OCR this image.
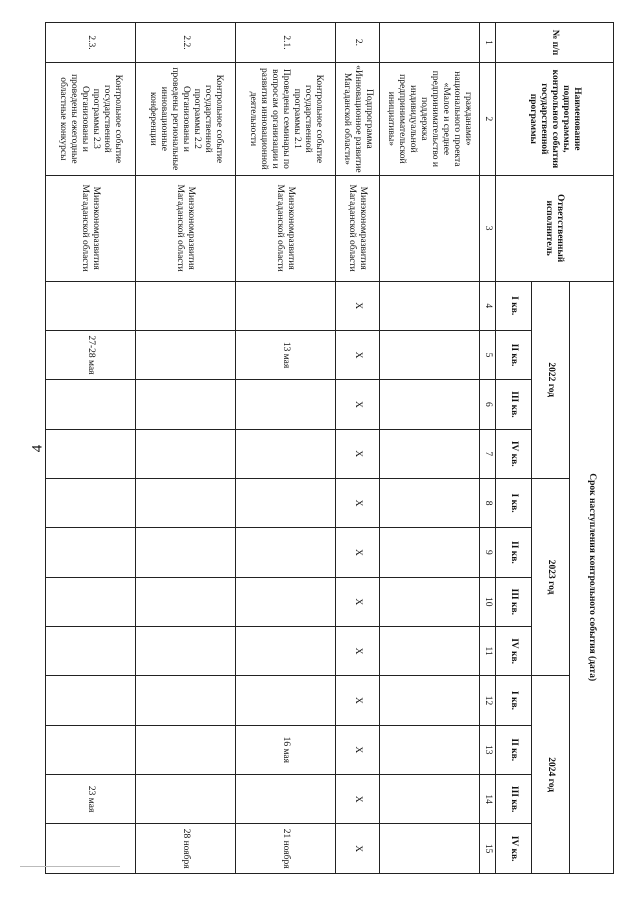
4
№ п/п	Наименование подпрограммы, контрольного события государственной программы	Ответственный исполнитель	Срок наступления контрольного события (дата)											
			2022 год				2023 год				2024 год			
			I кв.	II кв.	III кв.	IV кв.	I кв.	II кв.	III кв.	IV кв.	I кв.	II кв.	III кв.	IV кв.
1	2	3	4	5	6	7	8	9	10	11	12	13	14	15
	гражданами» национального проекта «Малое и среднее предпринимательство и поддержка индивидуальной предпринимательской инициативы»													
2.	Подпрограмма «Инновационное развитие Магаданской области»	Минэкономразвития Магаданской области	X	X	X	X	X	X	X	X	X	X	X	X
2.1.	Контрольное событие государственной программы 2.1 Проведены семинары по вопросам организации и развития инновационной деятельности	Минэкономразвития Магаданской области		13 мая								16 мая		21 ноября
2.2.	Контрольное событие государственной программы 2.2 Организованы и проведены региональные инновационные конференции	Минэкономразвития Магаданской области												28 ноября
2.3.	Контрольное событие государственной программы 2.3 Организованы и проведены ежегодные областные конкурсы	Минэкономразвития Магаданской области		27-28 мая									23 мая	
